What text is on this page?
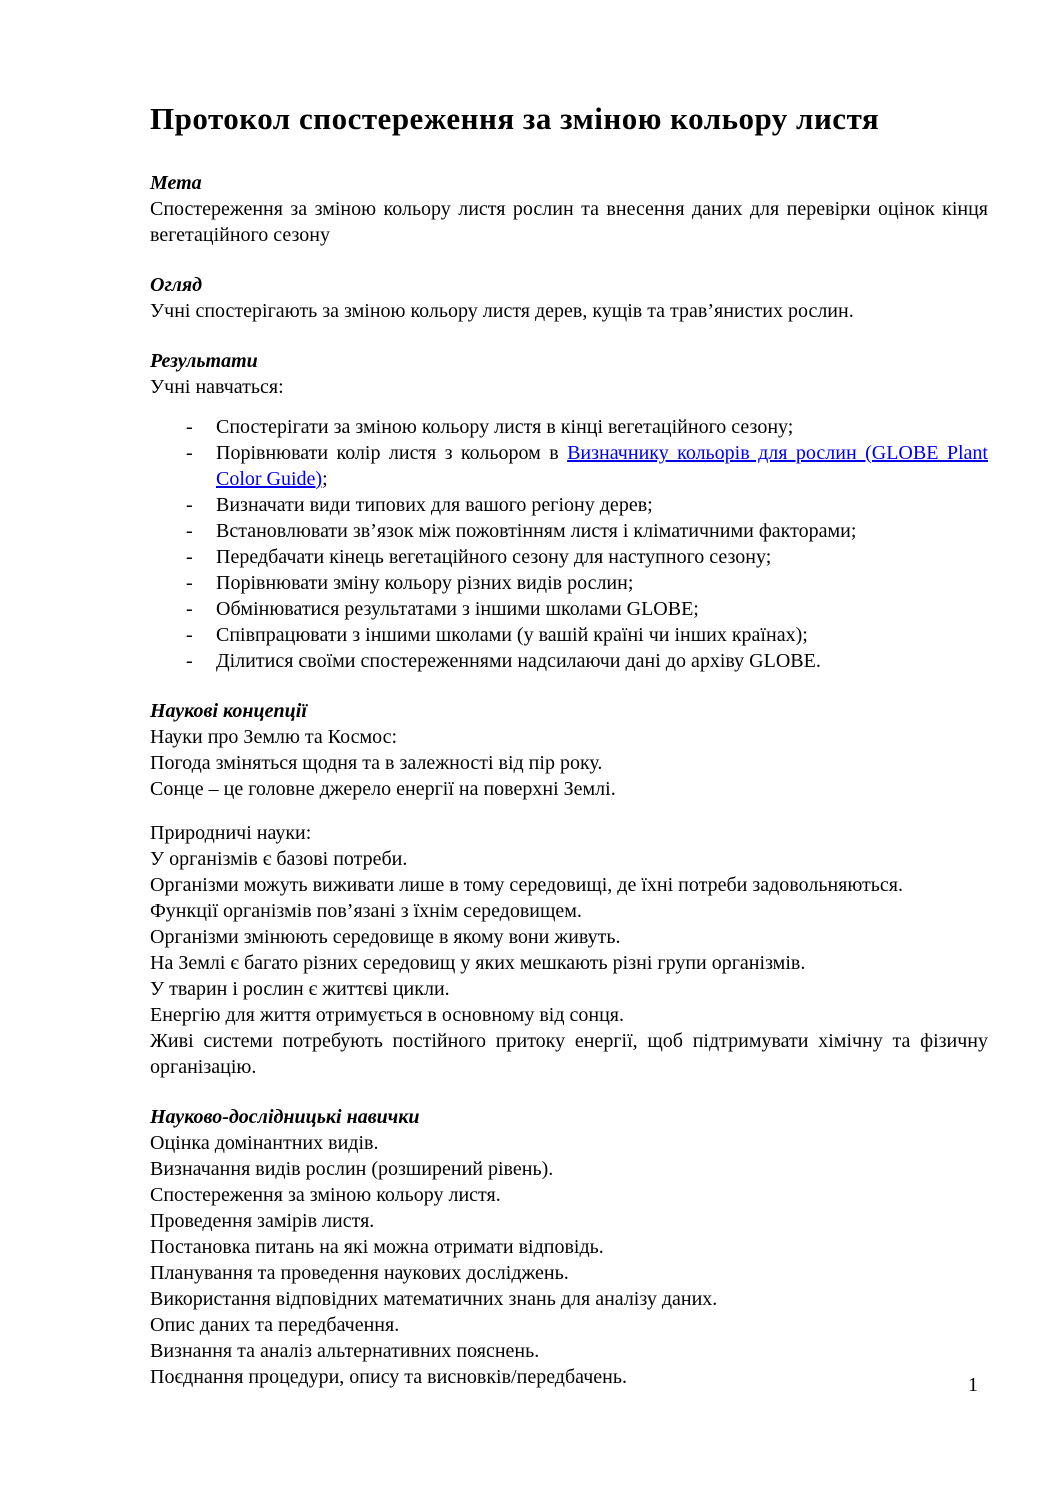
Протокол спостереження за зміною кольору листя
Мета

Спостереження за зміною кольору листя рослин та внесення даних для перевірки оцінок кінця вегетаційного сезону

Огляд

Учні спостерігають за зміною кольору листя дерев, кущів та трав’янистих рослин.

Результати

Учні навчаться:

-	Спостерігати за зміною кольору листя в кінці вегетаційного сезону;
-	Порівнювати колір листя з кольором в Визначнику кольорів для рослин (GLOBE Plant Color Guide);
-	Визначати види типових для вашого регіону дерев;
-	Встановлювати зв’язок між пожовтінням листя і кліматичними факторами;
-	Передбачати кінець вегетаційного сезону для наступного сезону;
-	Порівнювати зміну кольору різних видів рослин;
-	Обмінюватися результатами з іншими школами GLOBE;
-	Співпрацювати з іншими школами (у вашій країні чи інших країнах);
-	Ділитися своїми спостереженнями надсилаючи дані до архіву GLOBE.
Наукові концепції

Науки про Землю та Космос:

Погода зміняться щодня та в залежності від пір року.

Сонце – це головне джерело енергії на поверхні Землі.

Природничі науки:

У організмів є базові потреби.

Організми можуть виживати лише в тому середовищі, де їхні потреби задовольняються.

Функції організмів пов’язані з їхнім середовищем.

Організми змінюють середовище в якому вони живуть.

На Землі є багато різних середовищ у яких мешкають різні групи організмів.

У тварин і рослин є життєві цикли.

Енергію для життя отримується в основному від сонця.

Живі системи потребують постійного притоку енергії, щоб підтримувати хімічну та фізичну організацію.

Науково-дослідницькі навички

Оцінка домінантних видів.

Визначання видів рослин (розширений рівень).

Спостереження за зміною кольору листя.

Проведення замірів листя.

Постановка питань на які можна отримати відповідь.

Планування та проведення наукових досліджень.

Використання відповідних математичних знань для аналізу даних.

Опис даних та передбачення.

Визнання та аналіз альтернативних пояснень.

Поєднання процедури, опису та висновків/передбачень.	1
